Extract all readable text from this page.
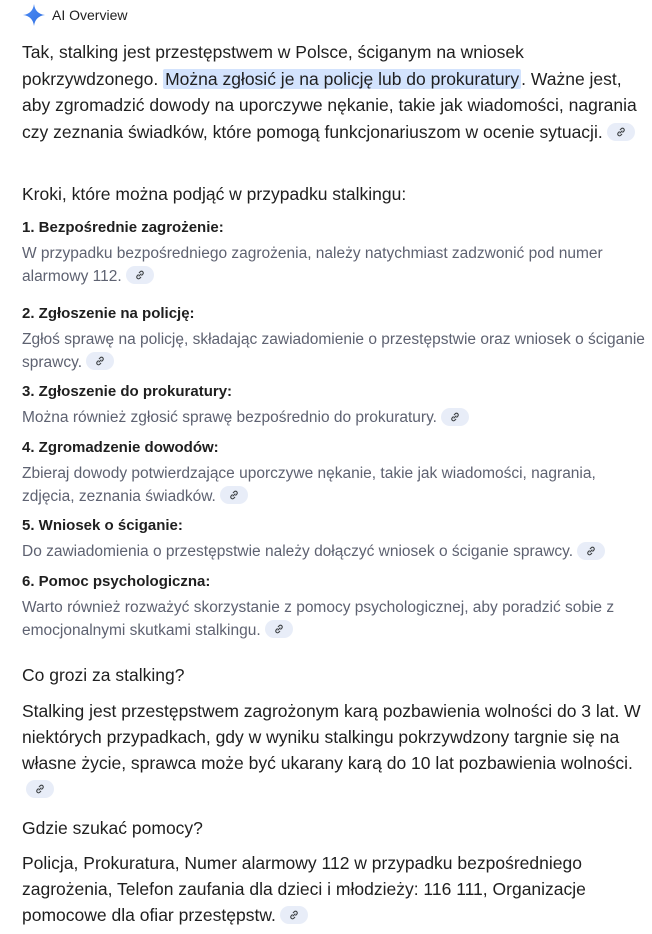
AI Overview
Tak, stalking jest przestępstwem w Polsce, ściganym na wniosek pokrzywdzonego. Można zgłosić je na policję lub do prokuratury . Ważne jest, aby zgromadzić dowody na uporczywe nękanie, takie jak wiadomości, nagrania czy zeznania świadków, które pomogą funkcjonariuszom w ocenie sytuacji.
Kroki, które można podjąć w przypadku stalkingu:
1. Bezpośrednie zagrożenie:
W przypadku bezpośredniego zagrożenia, należy natychmiast zadzwonić pod numer alarmowy 112.
2. Zgłoszenie na policję:
Zgłoś sprawę na policję, składając zawiadomienie o przestępstwie oraz wniosek o ściganie sprawcy.
3. Zgłoszenie do prokuratury:
Można również zgłosić sprawę bezpośrednio do prokuratury.
4. Zgromadzenie dowodów:
Zbieraj dowody potwierdzające uporczywe nękanie, takie jak wiadomości, nagrania, zdjęcia, zeznania świadków.
5. Wniosek o ściganie:
Do zawiadomienia o przestępstwie należy dołączyć wniosek o ściganie sprawcy.
6. Pomoc psychologiczna:
Warto również rozważyć skorzystanie z pomocy psychologicznej, aby poradzić sobie z emocjonalnymi skutkami stalkingu.
Co grozi za stalking?
Stalking jest przestępstwem zagrożonym karą pozbawienia wolności do 3 lat. W niektórych przypadkach, gdy w wyniku stalkingu pokrzywdzony targnie się na własne życie, sprawca może być ukarany karą do 10 lat pozbawienia wolności.
Gdzie szukać pomocy?
Policja, Prokuratura, Numer alarmowy 112 w przypadku bezpośredniego zagrożenia, Telefon zaufania dla dzieci i młodzieży: 116 111, Organizacje pomocowe dla ofiar przestępstw.
